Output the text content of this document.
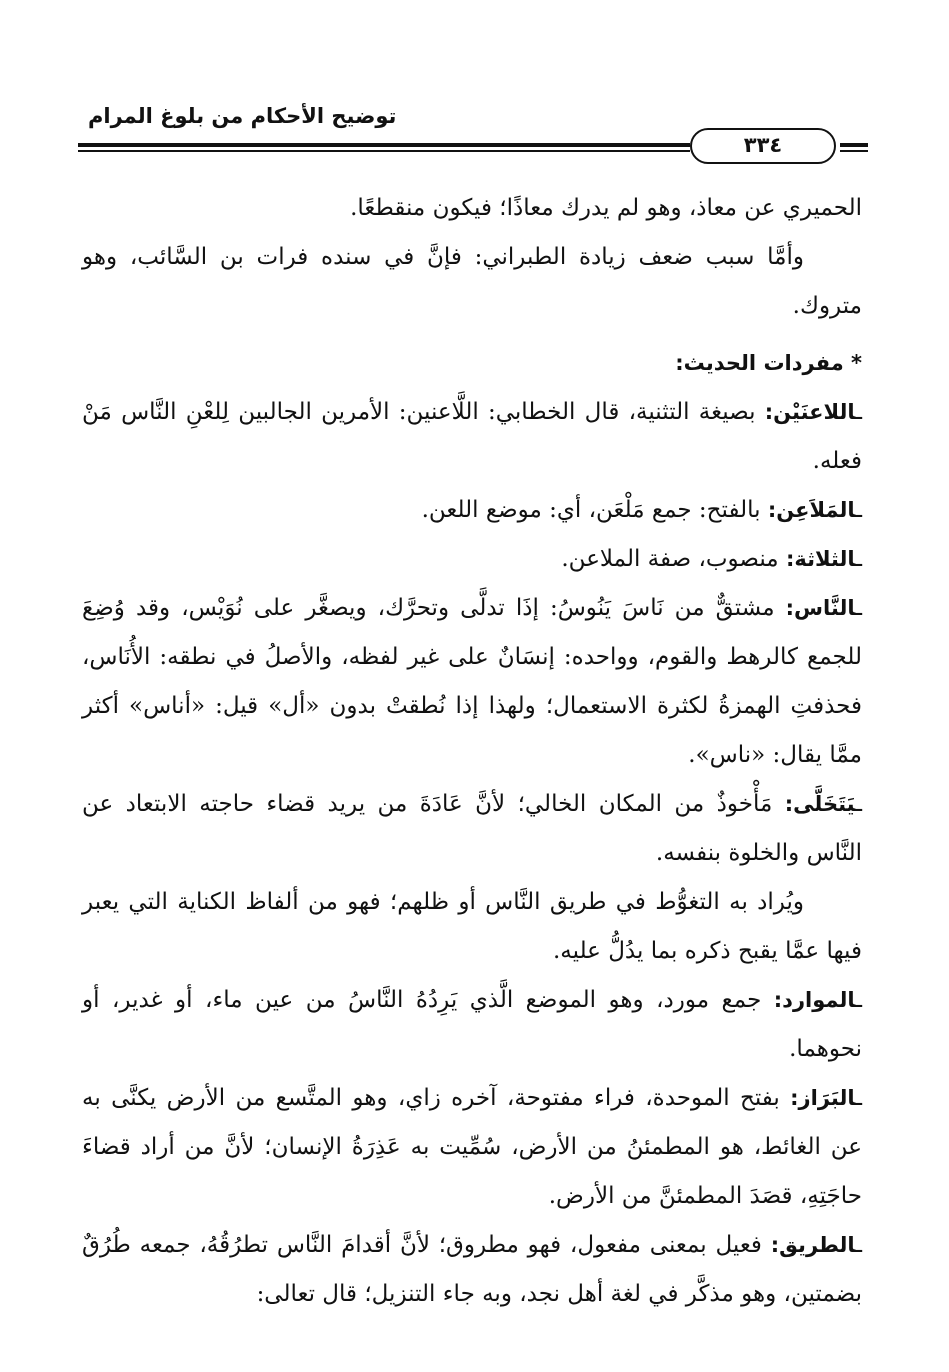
توضيح الأحكام من بلوغ المرام
٣٣٤

الحميري عن معاذ، وهو لم يدرك معاذًا؛ فيكون منقطعًا.

وأمَّا سبب ضعف زيادة الطبراني: فإنَّ في سنده فرات بن السَّائب، وهو متروك.

* مفردات الحديث:

ـاللاعنَيْن: بصيغة التثنية، قال الخطابي: اللَّاعنين: الأمرين الجالبين لِلعْنِ النَّاس مَنْ فعله.

ـالمَلاَعِن: بالفتح: جمع مَلْعَن، أي: موضع اللعن.

ـالثلاثة: منصوب، صفة الملاعن.

ـالنَّاس: مشتقٌّ من نَاسَ يَنُوسُ: إذَا تدلَّى وتحرَّك، ويصغَّر على نُوَيْس، وقد وُضِعَ للجمع كالرهط والقوم، وواحده: إنسَانٌ على غير لفظه، والأصلُ في نطقه: الأُنَاس، فحذفتِ الهمزةُ لكثرة الاستعمال؛ ولهذا إذا نُطقتْ بدون «أل» قيل: «أناس» أكثر ممَّا يقال: «ناس».

ـيَتَخَلَّى: مَأْخوذٌ من المكان الخالي؛ لأنَّ عَادَةَ من يريد قضاء حاجته الابتعاد عن النَّاس والخلوة بنفسه.

ويُراد به التغوُّط في طريق النَّاس أو ظلهم؛ فهو من ألفاظ الكناية التي يعبر فيها عمَّا يقبح ذكره بما يدُلُّ عليه.

ـالموارد: جمع مورد، وهو الموضع الَّذي يَرِدُهُ النَّاسُ من عين ماء، أو غدير، أو نحوهما.

ـالبَرَاز: بفتح الموحدة، فراء مفتوحة، آخره زاي، وهو المتَّسع من الأرض يكنَّى به عن الغائط، هو المطمئنُ من الأرض، سُمِّيت به عَذِرَةُ الإنسان؛ لأنَّ من أراد قضاءَ حاجَتِهِ، قصَدَ المطمئنَّ من الأرض.

ـالطريق: فعيل بمعنى مفعول، فهو مطروق؛ لأنَّ أقدامَ النَّاس تطرُقُهُ، جمعه طُرُقٌ بضمتين، وهو مذكَّر في لغة أهل نجد، وبه جاء التنزيل؛ قال تعالى:
